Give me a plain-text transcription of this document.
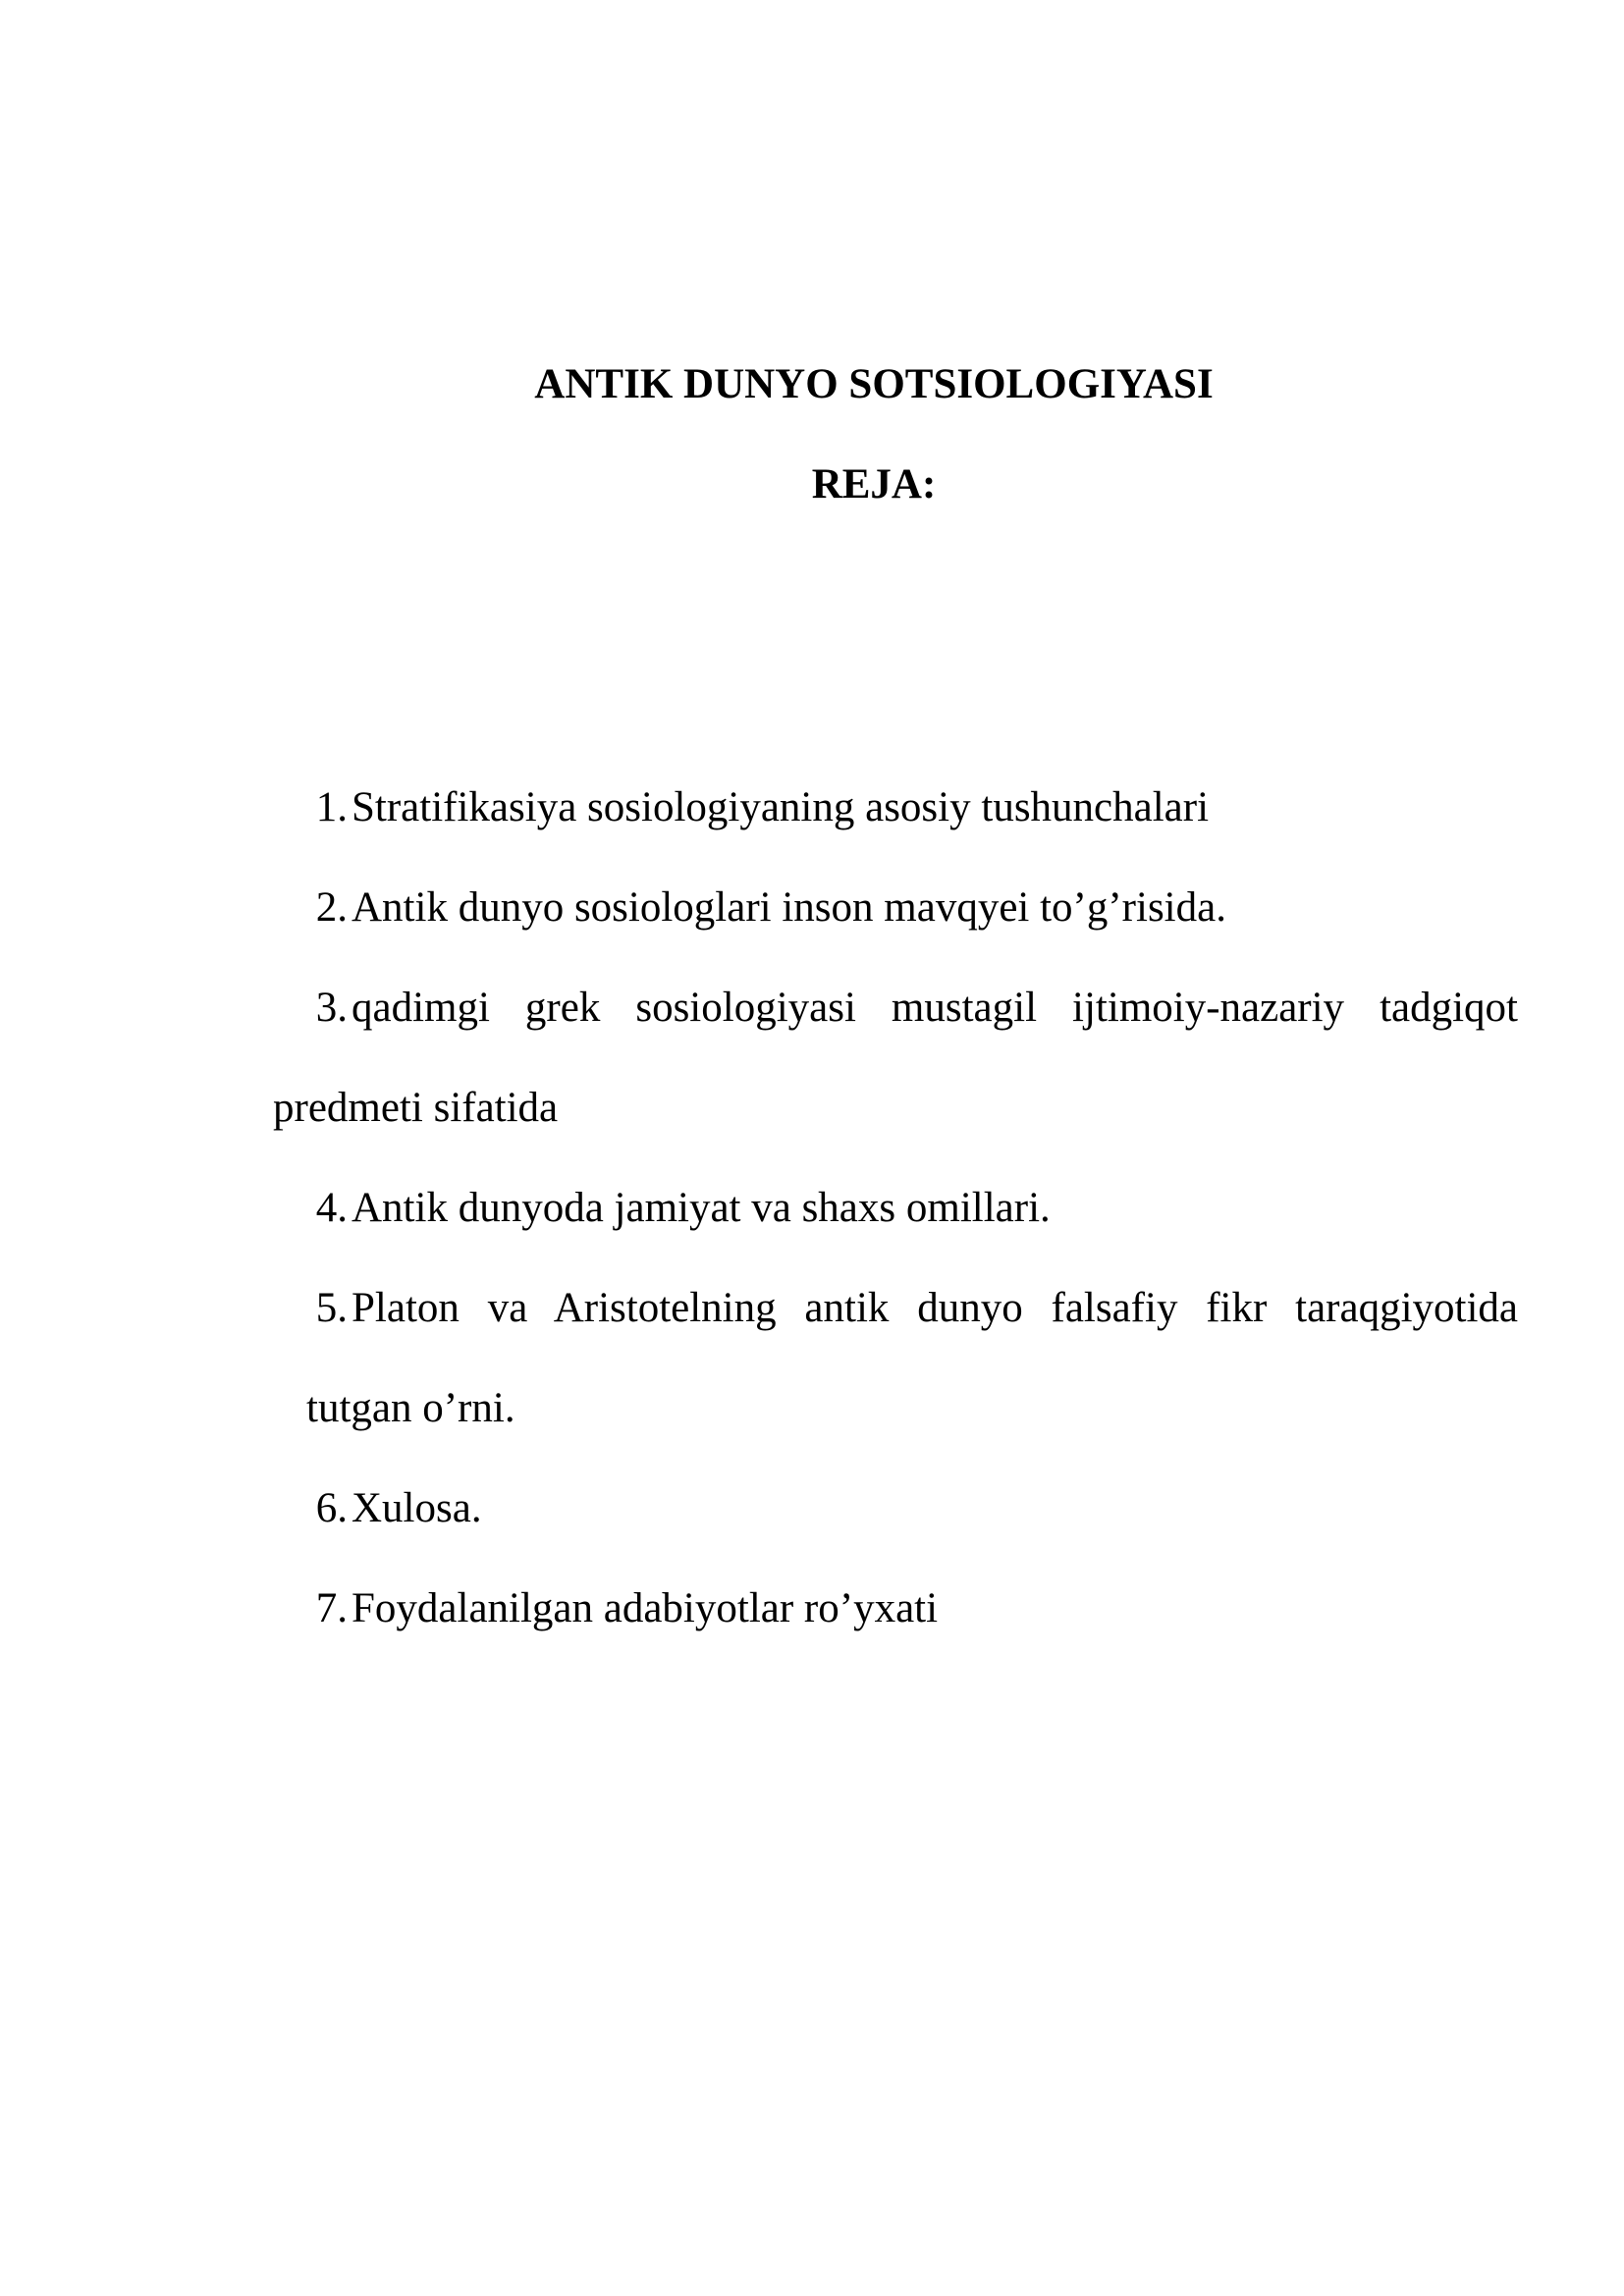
ANTIK DUNYO SOTSIOLOGIYASI
REJA:
1. Stratifikasiya sosiologiyaning asosiy tushunchalari
2. Antik dunyo sosiologlari inson mavqyei to’g’risida.
3. qadimgi grek sosiologiyasi mustagil ijtimoiy-nazariy tadgiqot
predmeti sifatida
4. Antik dunyoda jamiyat va shaxs omillari.
5. Platon va Aristotelning antik dunyo falsafiy fikr taraqgiyotida
tutgan o’rni.
6. Xulosa.
7. Foydalanilgan adabiyotlar ro’yxati
